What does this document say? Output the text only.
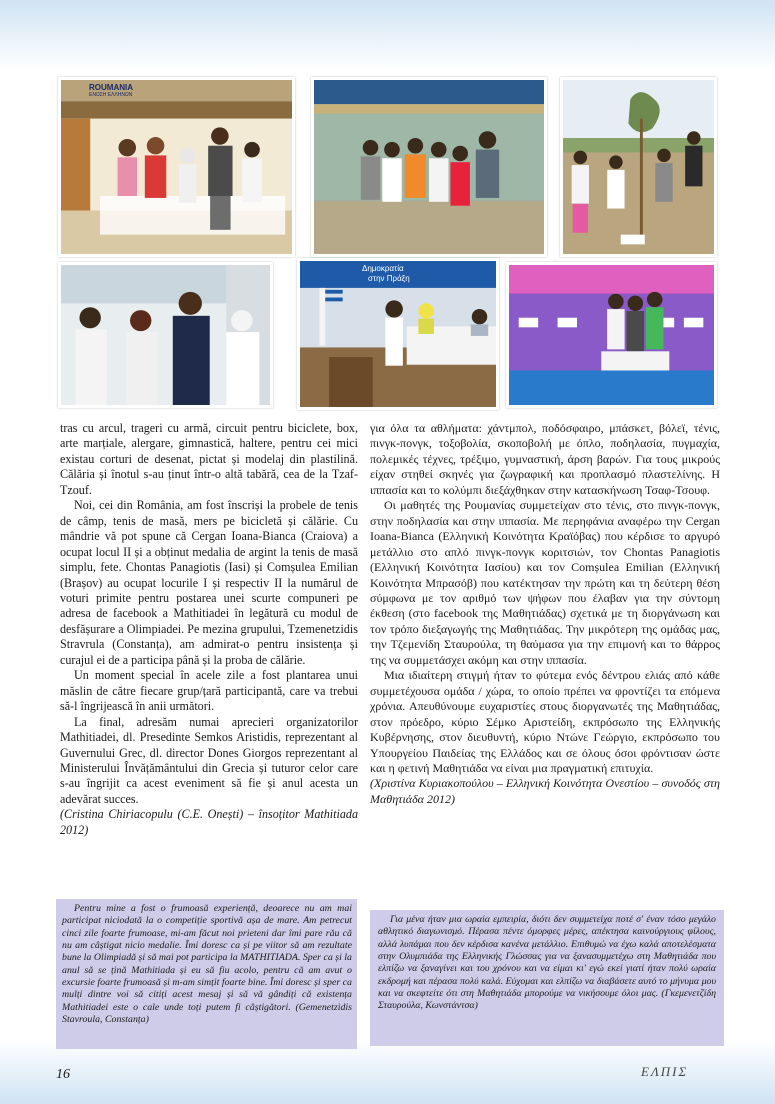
ROUMANIA
ΕΝΩΣΗ ΕΛΛΗΝΩΝ
Δημοκρατία
στην Πράξη

tras cu arcul, trageri cu armă, circuit pentru biciclete, box, arte marțiale, alergare, gimnastică, haltere, pentru cei mici existau corturi de desenat, pictat și modelaj din plastilină. Călăria și înotul s-au ținut într-o altă tabără, cea de la Tzaf-Tzouf.

Noi, cei din România, am fost înscriși la probele de tenis de câmp, tenis de masă, mers pe bicicletă și călărie. Cu mândrie vă pot spune că Cergan Ioana-Bianca (Craiova) a ocupat locul II și a obținut medalia de argint la tenis de masă simplu, fete. Chontas Panagiotis (Iasi) și Comșulea Emilian (Brașov) au ocupat locurile I și respectiv II la numărul de voturi primite pentru postarea unei scurte compuneri pe adresa de facebook a Mathitiadei în legătură cu modul de desfășurare a Olimpiadei. Pe mezina grupului, Tzemenetzidis Stravrula (Constanța), am admirat-o pentru insistența și curajul ei de a participa până și la proba de călărie.

Un moment special în acele zile a fost plantarea unui măslin de către fiecare grup/țară participantă, care va trebui să-l îngrijească în anii următori.

La final, adresăm numai aprecieri organizatorilor Mathitiadei, dl. Presedinte Semkos Aristidis, reprezentant al Guvernului Grec, dl. director Dones Giorgos reprezentant al Ministerului Învățământului din Grecia și tuturor celor care s-au îngrijit ca acest eveniment să fie și anul acesta un adevărat succes.

(Cristina Chiriacopulu (C.E. Onești) – însoțitor Mathitiada 2012)

για όλα τα αθλήματα: χάντμπολ, ποδόσφαιρο, μπάσκετ, βόλεϊ, τένις, πινγκ-πονγκ, τοξοβολία, σκοποβολή με όπλο, ποδηλασία, πυγμαχία, πολεμικές τέχνες, τρέξιμο, γυμναστική, άρση βαρών. Για τους μικρούς είχαν στηθεί σκηνές για ζωγραφική και προπλασμό πλαστελίνης. Η ιππασία και το κολύμπι διεξάχθηκαν στην κατασκήνωση Τσαφ-Τσουφ.

Οι μαθητές της Ρουμανίας συμμετείχαν στο τένις, στο πινγκ-πονγκ, στην ποδηλασία και στην ιππασία. Με περηφάνια αναφέρω την Cergan Ioana-Bianca (Ελληνική Κοινότητα Κραϊόβας) που κέρδισε το αργυρό μετάλλιο στο απλό πινγκ-πονγκ κοριτσιών, τον Chontas Panagiotis (Ελληνική Κοινότητα Ιασίου) και τον Comșulea Emilian (Ελληνική Κοινότητα Μπρασόβ) που κατέκτησαν την πρώτη και τη δεύτερη θέση σύμφωνα με τον αριθμό των ψήφων που έλαβαν για την σύντομη έκθεση (στο facebook της Μαθητιάδας) σχετικά με τη διοργάνωση και τον τρόπο διεξαγωγής της Μαθητιάδας. Την μικρότερη της ομάδας μας, την Τζεμενίδη Σταυρούλα, τη θαύμασα για την επιμονή και το θάρρος της να συμμετάσχει ακόμη και στην ιππασία.

Μια ιδιαίτερη στιγμή ήταν το φύτεμα ενός δέντρου ελιάς από κάθε συμμετέχουσα ομάδα / χώρα, το οποίο πρέπει να φροντίζει τα επόμενα χρόνια. Απευθύνουμε ευχαριστίες στους διοργανωτές της Μαθητιάδας, στον πρόεδρο, κύριο Σέμκο Αριστείδη, εκπρόσωπο της Ελληνικής Κυβέρνησης, στον διευθυντή, κύριο Ντώνε Γεώργιο, εκπρόσωπο του Υπουργείου Παιδείας της Ελλάδος και σε όλους όσοι φρόντισαν ώστε και η φετινή Μαθητιάδα να είναι μια πραγματική επιτυχία.

(Χριστίνα Κυριακοπούλου – Ελληνική Κοινότητα Ονεστίου – συνοδός στη Μαθητιάδα 2012)

Pentru mine a fost o frumoasă experiență, deoarece nu am mai participat niciodată la o competiție sportivă așa de mare. Am petrecut cinci zile foarte frumoase, mi-am făcut noi prieteni dar îmi pare rău că nu am câștigat nicio medalie. Îmi doresc ca și pe viitor să am rezultate bune la Olimpiadă și să mai pot participa la MATHITIADA. Sper ca și la anul să se țină Mathitiada și eu să fiu acolo, pentru că am avut o excursie foarte frumoasă și m-am simțit foarte bine. Îmi doresc și sper ca mulți dintre voi să citiți acest mesaj și să vă gândiți că existența Mathitiadei este o cale unde toți putem fi câștigători. (Gemenetzidis Stavroula, Constanța)

Για μένα ήταν μια ωραία εμπειρία, διότι δεν συμμετείχα ποτέ σ' έναν τόσο μεγάλο αθλητικό διαγωνισμό. Πέρασα πέντε όμορφες μέρες, απέκτησα καινούργιους φίλους, αλλά λυπάμαι που δεν κέρδισα κανένα μετάλλιο. Επιθυμώ να έχω καλά αποτελέσματα στην Ολυμπιάδα της Ελληνικής Γλώσσας για να ξανασυμμετέχω στη Μαθητιάδα που ελπίζω να ξαναγίνει και του χρόνου και να είμαι κι' εγώ εκεί γιατί ήταν πολύ ωραία εκδρομή και πέρασα πολύ καλά. Εύχομαι και ελπίζω να διαβάσετε αυτό το μήνυμα μου και να σκεφτείτε ότι στη Μαθητιάδα μπορούμε να νικήσουμε όλοι μας. (Γκεμενετζίδη Σταυρούλα, Κωνστάντσα)

16	ΕΛΠΙΣ
